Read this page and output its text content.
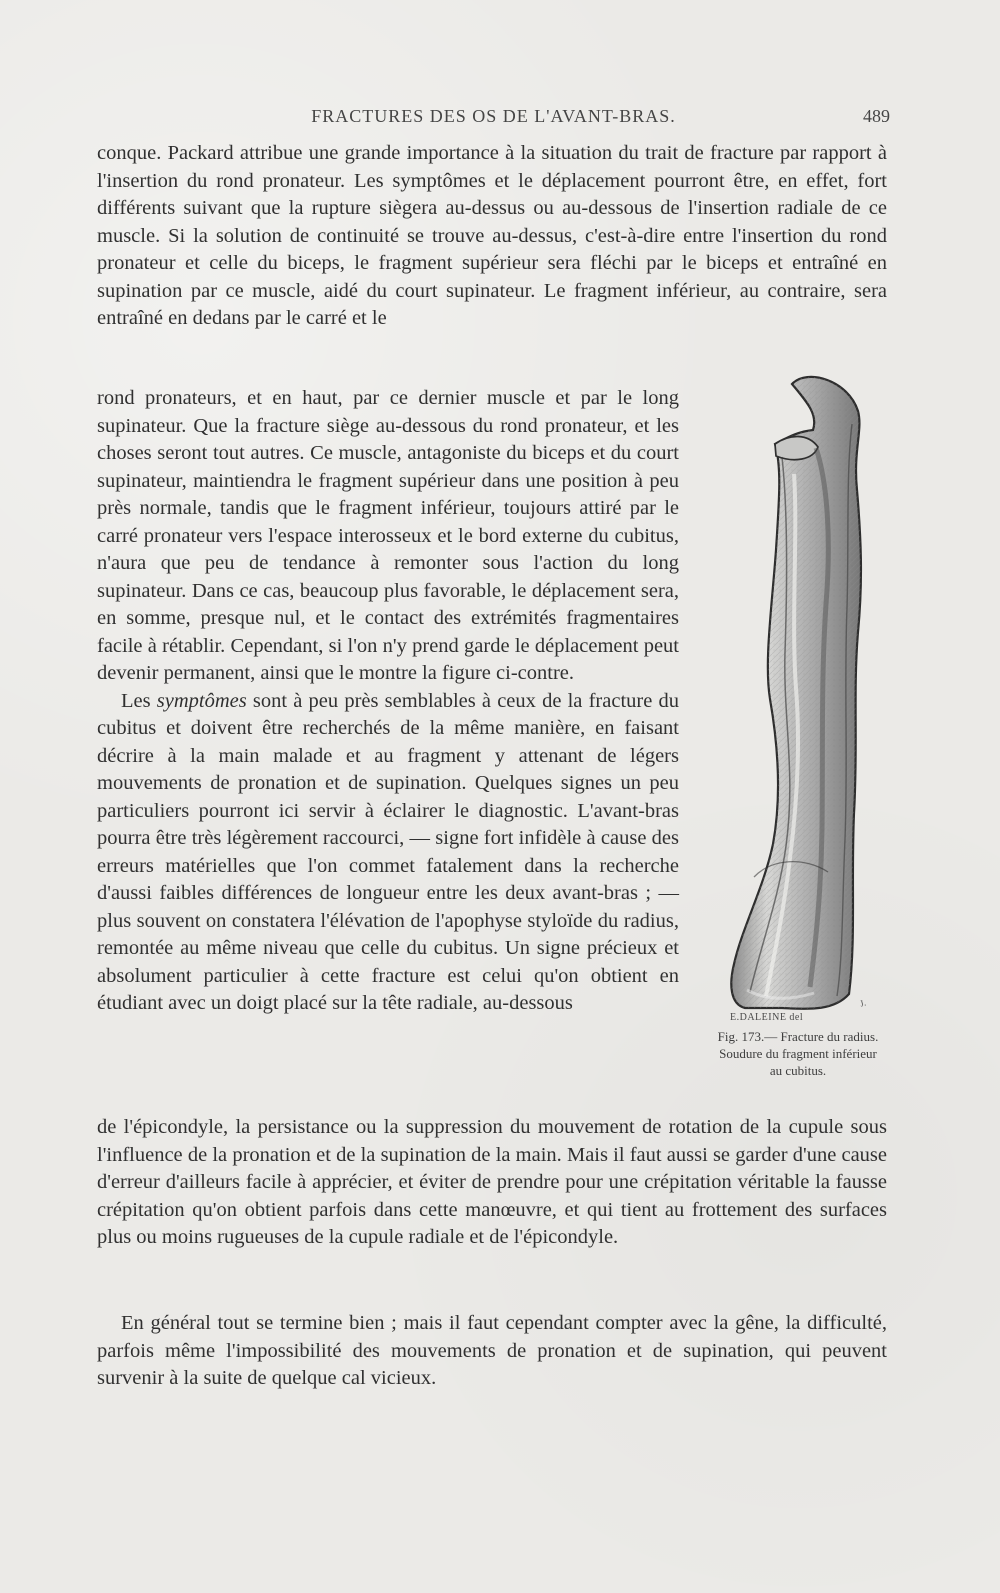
FRACTURES DES OS DE L'AVANT-BRAS.	489

conque. Packard attribue une grande importance à la situation du trait de fracture par rapport à l'insertion du rond pronateur. Les symptômes et le déplacement pourront être, en effet, fort différents suivant que la rupture siègera au-dessus ou au-dessous de l'insertion radiale de ce muscle. Si la solution de continuité se trouve au-dessus, c'est-à-dire entre l'insertion du rond pronateur et celle du biceps, le fragment supérieur sera fléchi par le biceps et entraîné en supination par ce muscle, aidé du court supinateur. Le fragment inférieur, au contraire, sera entraîné en dedans par le carré et le

rond pronateurs, et en haut, par ce dernier muscle et par le long supinateur. Que la fracture siège au-dessous du rond pronateur, et les choses seront tout autres. Ce muscle, antagoniste du biceps et du court supinateur, maintiendra le fragment supérieur dans une position à peu près normale, tandis que le fragment inférieur, toujours attiré par le carré pronateur vers l'espace interosseux et le bord externe du cubitus, n'aura que peu de tendance à remonter sous l'action du long supinateur. Dans ce cas, beaucoup plus favorable, le déplacement sera, en somme, presque nul, et le contact des extrémités fragmentaires facile à rétablir. Cependant, si l'on n'y prend garde le déplacement peut devenir permanent, ainsi que le montre la figure ci-contre.

Les symptômes sont à peu près semblables à ceux de la fracture du cubitus et doivent être recherchés de la même manière, en faisant décrire à la main malade et au fragment y attenant de légers mouvements de pronation et de supination. Quelques signes un peu particuliers pourront ici servir à éclairer le diagnostic. L'avant-bras pourra être très légèrement raccourci, — signe fort infidèle à cause des erreurs matérielles que l'on commet fatalement dans la recherche d'aussi faibles différences de longueur entre les deux avant-bras ; — plus souvent on constatera l'élévation de l'apophyse styloïde du radius, remontée au même niveau que celle du cubitus. Un signe précieux et absolument particulier à cette fracture est celui qu'on obtient en étudiant avec un doigt placé sur la tête radiale, au-dessous

de l'épicondyle, la persistance ou la suppression du mouvement de rotation de la cupule sous l'influence de la pronation et de la supination de la main. Mais il faut aussi se garder d'une cause d'erreur d'ailleurs facile à apprécier, et éviter de prendre pour une crépitation véritable la fausse crépitation qu'on obtient parfois dans cette manœuvre, et qui tient au frottement des surfaces plus ou moins rugueuses de la cupule radiale et de l'épicondyle.

En général tout se termine bien ; mais il faut cependant compter avec la gêne, la difficulté, parfois même l'impossibilité des mouvements de pronation et de supination, qui peuvent survenir à la suite de quelque cal vicieux.

E.DALEINE del
J.
Fig. 173.— Fracture du radius. Soudure du fragment inférieur au cubitus.
